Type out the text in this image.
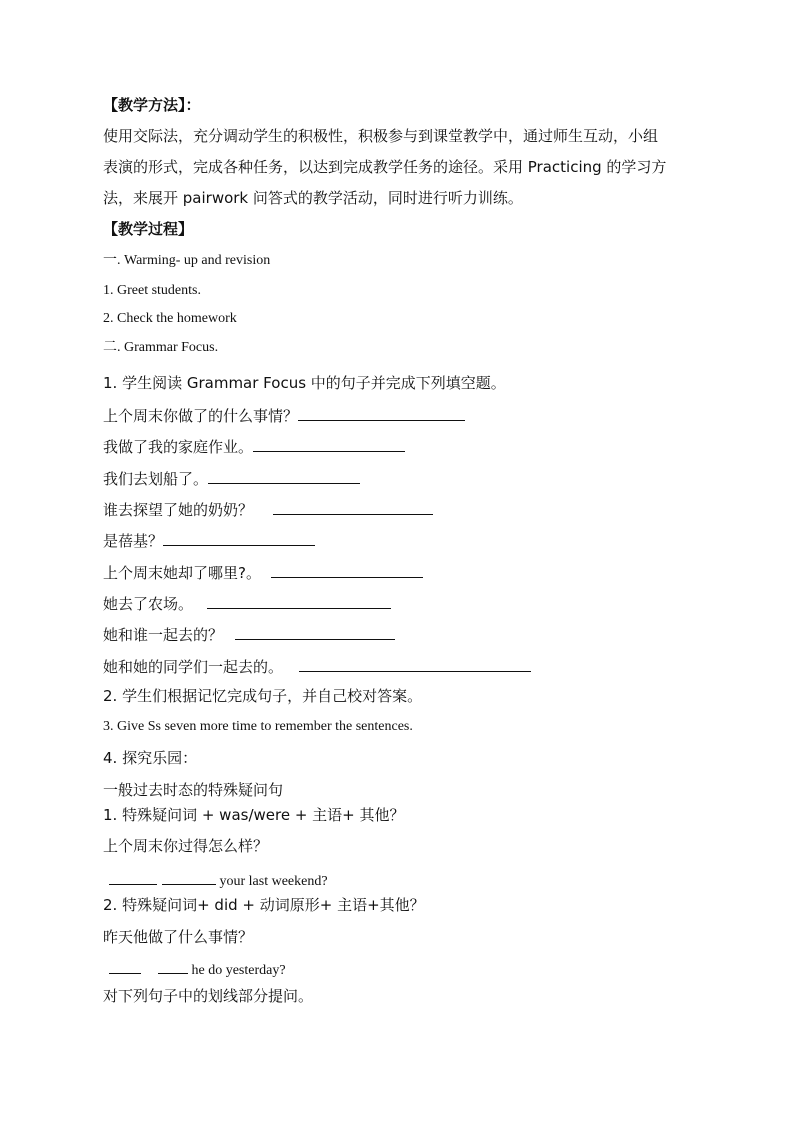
【教学方法】：
使用交际法，充分调动学生的积极性，积极参与到课堂教学中，通过师生互动，小组
表演的形式，完成各种任务，以达到完成教学任务的途径。采用 Practicing 的学习方
法，来展开 pairwork 问答式的教学活动，同时进行听力训练。
【教学过程】
一. Warming- up and revision
1. Greet students.
2. Check the homework
二. Grammar Focus.
1. 学生阅读 Grammar Focus 中的句子并完成下列填空题。
上个周末你做了的什么事情？
我做了我的家庭作业。
我们去划船了。
谁去探望了她的奶奶？
是蓓基？
上个周末她却了哪里?。
她去了农场。
她和谁一起去的？
她和她的同学们一起去的。
2. 学生们根据记忆完成句子，并自己校对答案。
3. Give Ss seven more time to remember the sentences.
4. 探究乐园：
一般过去时态的特殊疑问句
1. 特殊疑问词 + was/were + 主语+ 其他？
上个周末你过得怎么样？
your last weekend?
2. 特殊疑问词+ did + 动词原形+ 主语+其他？
昨天他做了什么事情？
he do yesterday?
对下列句子中的划线部分提问。
